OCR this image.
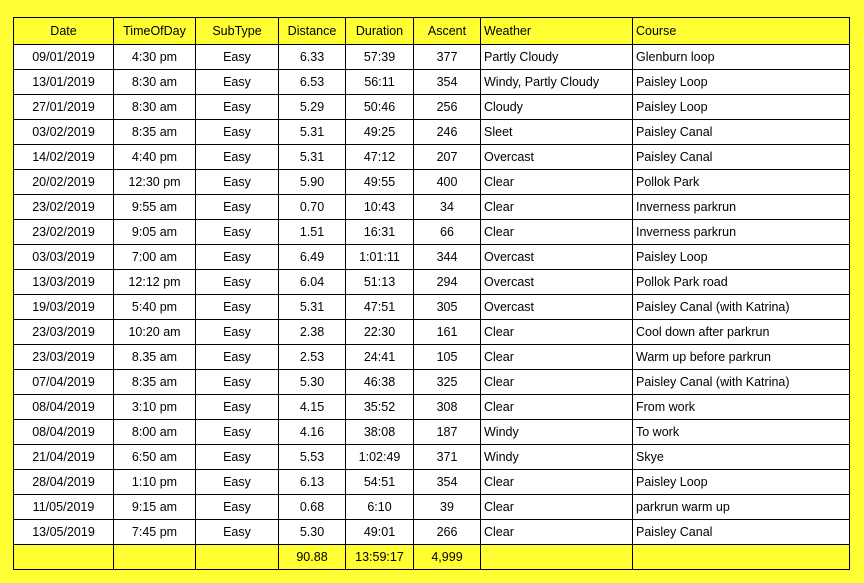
Date	TimeOfDay	SubType	Distance	Duration	Ascent	Weather	Course
09/01/2019	4:30 pm	Easy	6.33	57:39	377	Partly Cloudy	Glenburn loop
13/01/2019	8:30 am	Easy	6.53	56:11	354	Windy, Partly Cloudy	Paisley Loop
27/01/2019	8:30 am	Easy	5.29	50:46	256	Cloudy	Paisley Loop
03/02/2019	8:35 am	Easy	5.31	49:25	246	Sleet	Paisley Canal
14/02/2019	4:40 pm	Easy	5.31	47:12	207	Overcast	Paisley Canal
20/02/2019	12:30 pm	Easy	5.90	49:55	400	Clear	Pollok Park
23/02/2019	9:55 am	Easy	0.70	10:43	34	Clear	Inverness parkrun
23/02/2019	9:05 am	Easy	1.51	16:31	66	Clear	Inverness parkrun
03/03/2019	7:00 am	Easy	6.49	1:01:11	344	Overcast	Paisley Loop
13/03/2019	12:12 pm	Easy	6.04	51:13	294	Overcast	Pollok Park road
19/03/2019	5:40 pm	Easy	5.31	47:51	305	Overcast	Paisley Canal (with Katrina)
23/03/2019	10:20 am	Easy	2.38	22:30	161	Clear	Cool down after parkrun
23/03/2019	8.35 am	Easy	2.53	24:41	105	Clear	Warm up before parkrun
07/04/2019	8:35 am	Easy	5.30	46:38	325	Clear	Paisley Canal (with Katrina)
08/04/2019	3:10 pm	Easy	4.15	35:52	308	Clear	From work
08/04/2019	8:00 am	Easy	4.16	38:08	187	Windy	To work
21/04/2019	6:50 am	Easy	5.53	1:02:49	371	Windy	Skye
28/04/2019	1:10 pm	Easy	6.13	54:51	354	Clear	Paisley Loop
11/05/2019	9:15 am	Easy	0.68	6:10	39	Clear	parkrun warm up
13/05/2019	7:45 pm	Easy	5.30	49:01	266	Clear	Paisley Canal
			90.88	13:59:17	4,999		
